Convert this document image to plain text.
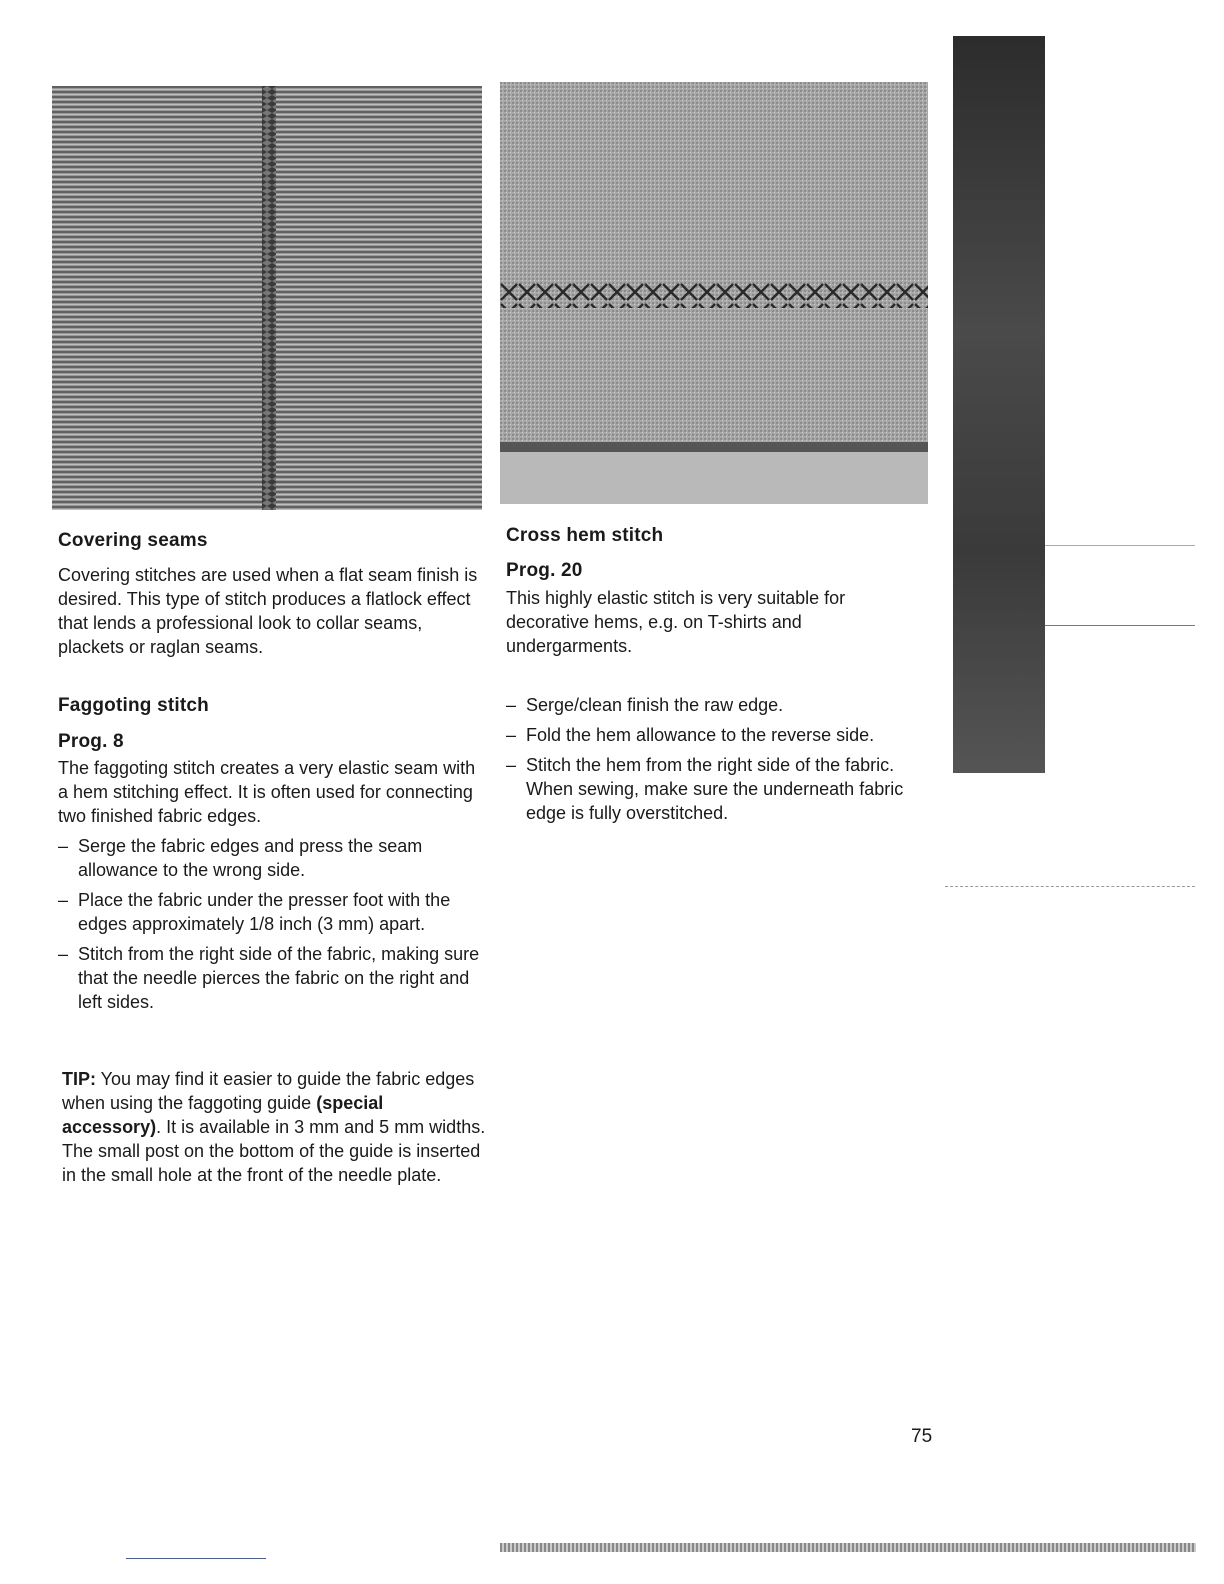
Covering seams

Covering stitches are used when a flat seam finish is desired. This type of stitch produces a flatlock effect that lends a professional look to collar seams, plackets or raglan seams.

Faggoting stitch
Prog. 8

The faggoting stitch creates a very elastic seam with a hem stitching effect. It is often used for connecting two finished fabric edges.

– Serge the fabric edges and press the seam allowance to the wrong side.
– Place the fabric under the presser foot with the edges approximately 1/8 inch (3 mm) apart.
– Stitch from the right side of the fabric, making sure that the needle pierces the fabric on the right and left sides.

TIP: You may find it easier to guide the fabric edges when using the faggoting guide (special accessory). It is available in 3 mm and 5 mm widths. The small post on the bottom of the guide is inserted in the small hole at the front of the needle plate.

Cross hem stitch
Prog. 20

This highly elastic stitch is very suitable for decorative hems, e.g. on T-shirts and undergarments.

– Serge/clean finish the raw edge.
– Fold the hem allowance to the reverse side.
– Stitch the hem from the right side of the fabric. When sewing, make sure the underneath fabric edge is fully overstitched.
75
